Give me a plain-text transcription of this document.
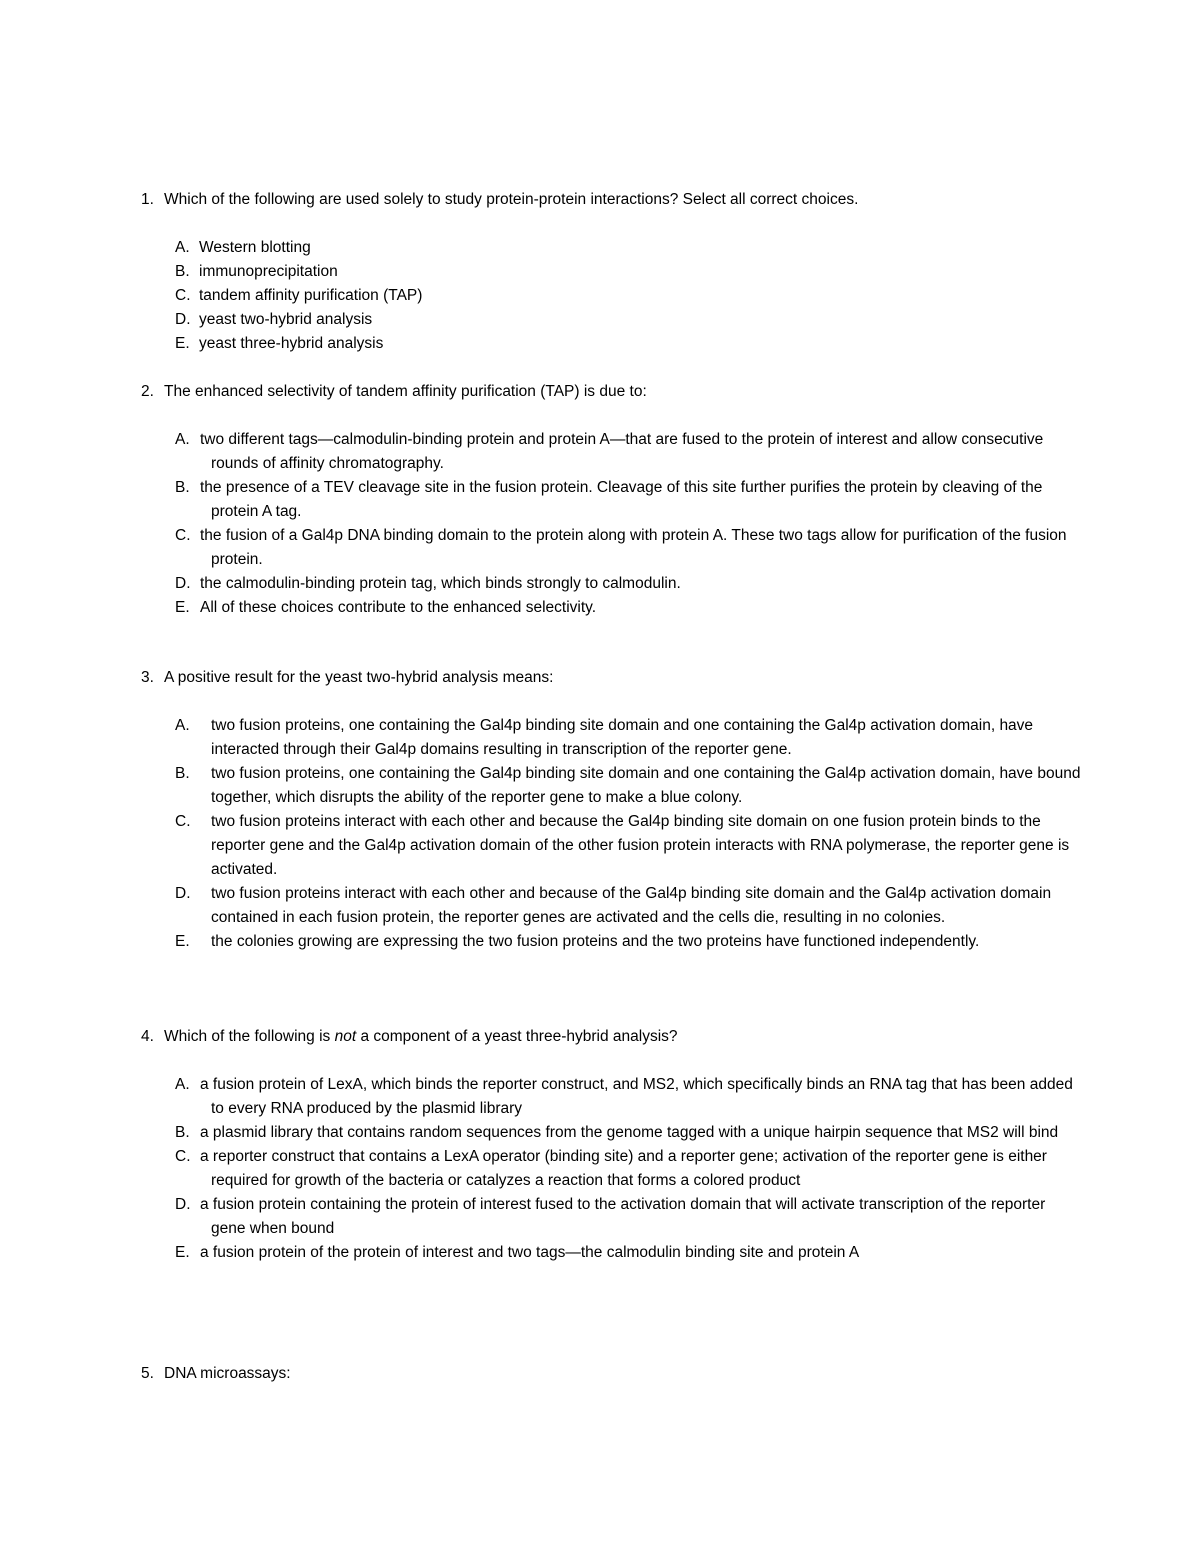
1. Which of the following are used solely to study protein-protein interactions? Select all correct choices.
A. Western blotting
B. immunoprecipitation
C. tandem affinity purification (TAP)
D. yeast two-hybrid analysis
E. yeast three-hybrid analysis
2. The enhanced selectivity of tandem affinity purification (TAP) is due to:
A. two different tags—calmodulin-binding protein and protein A—that are fused to the protein of interest and allow consecutive rounds of affinity chromatography.
B. the presence of a TEV cleavage site in the fusion protein. Cleavage of this site further purifies the protein by cleaving of the protein A tag.
C. the fusion of a Gal4p DNA binding domain to the protein along with protein A. These two tags allow for purification of the fusion protein.
D. the calmodulin-binding protein tag, which binds strongly to calmodulin.
E. All of these choices contribute to the enhanced selectivity.
3. A positive result for the yeast two-hybrid analysis means:
A. two fusion proteins, one containing the Gal4p binding site domain and one containing the Gal4p activation domain, have interacted through their Gal4p domains resulting in transcription of the reporter gene.
B. two fusion proteins, one containing the Gal4p binding site domain and one containing the Gal4p activation domain, have bound together, which disrupts the ability of the reporter gene to make a blue colony.
C. two fusion proteins interact with each other and because the Gal4p binding site domain on one fusion protein binds to the reporter gene and the Gal4p activation domain of the other fusion protein interacts with RNA polymerase, the reporter gene is activated.
D. two fusion proteins interact with each other and because of the Gal4p binding site domain and the Gal4p activation domain contained in each fusion protein, the reporter genes are activated and the cells die, resulting in no colonies.
E. the colonies growing are expressing the two fusion proteins and the two proteins have functioned independently.
4. Which of the following is not a component of a yeast three-hybrid analysis?
A. a fusion protein of LexA, which binds the reporter construct, and MS2, which specifically binds an RNA tag that has been added to every RNA produced by the plasmid library
B. a plasmid library that contains random sequences from the genome tagged with a unique hairpin sequence that MS2 will bind
C. a reporter construct that contains a LexA operator (binding site) and a reporter gene; activation of the reporter gene is either required for growth of the bacteria or catalyzes a reaction that forms a colored product
D. a fusion protein containing the protein of interest fused to the activation domain that will activate transcription of the reporter gene when bound
E. a fusion protein of the protein of interest and two tags—the calmodulin binding site and protein A
5. DNA microassays:
